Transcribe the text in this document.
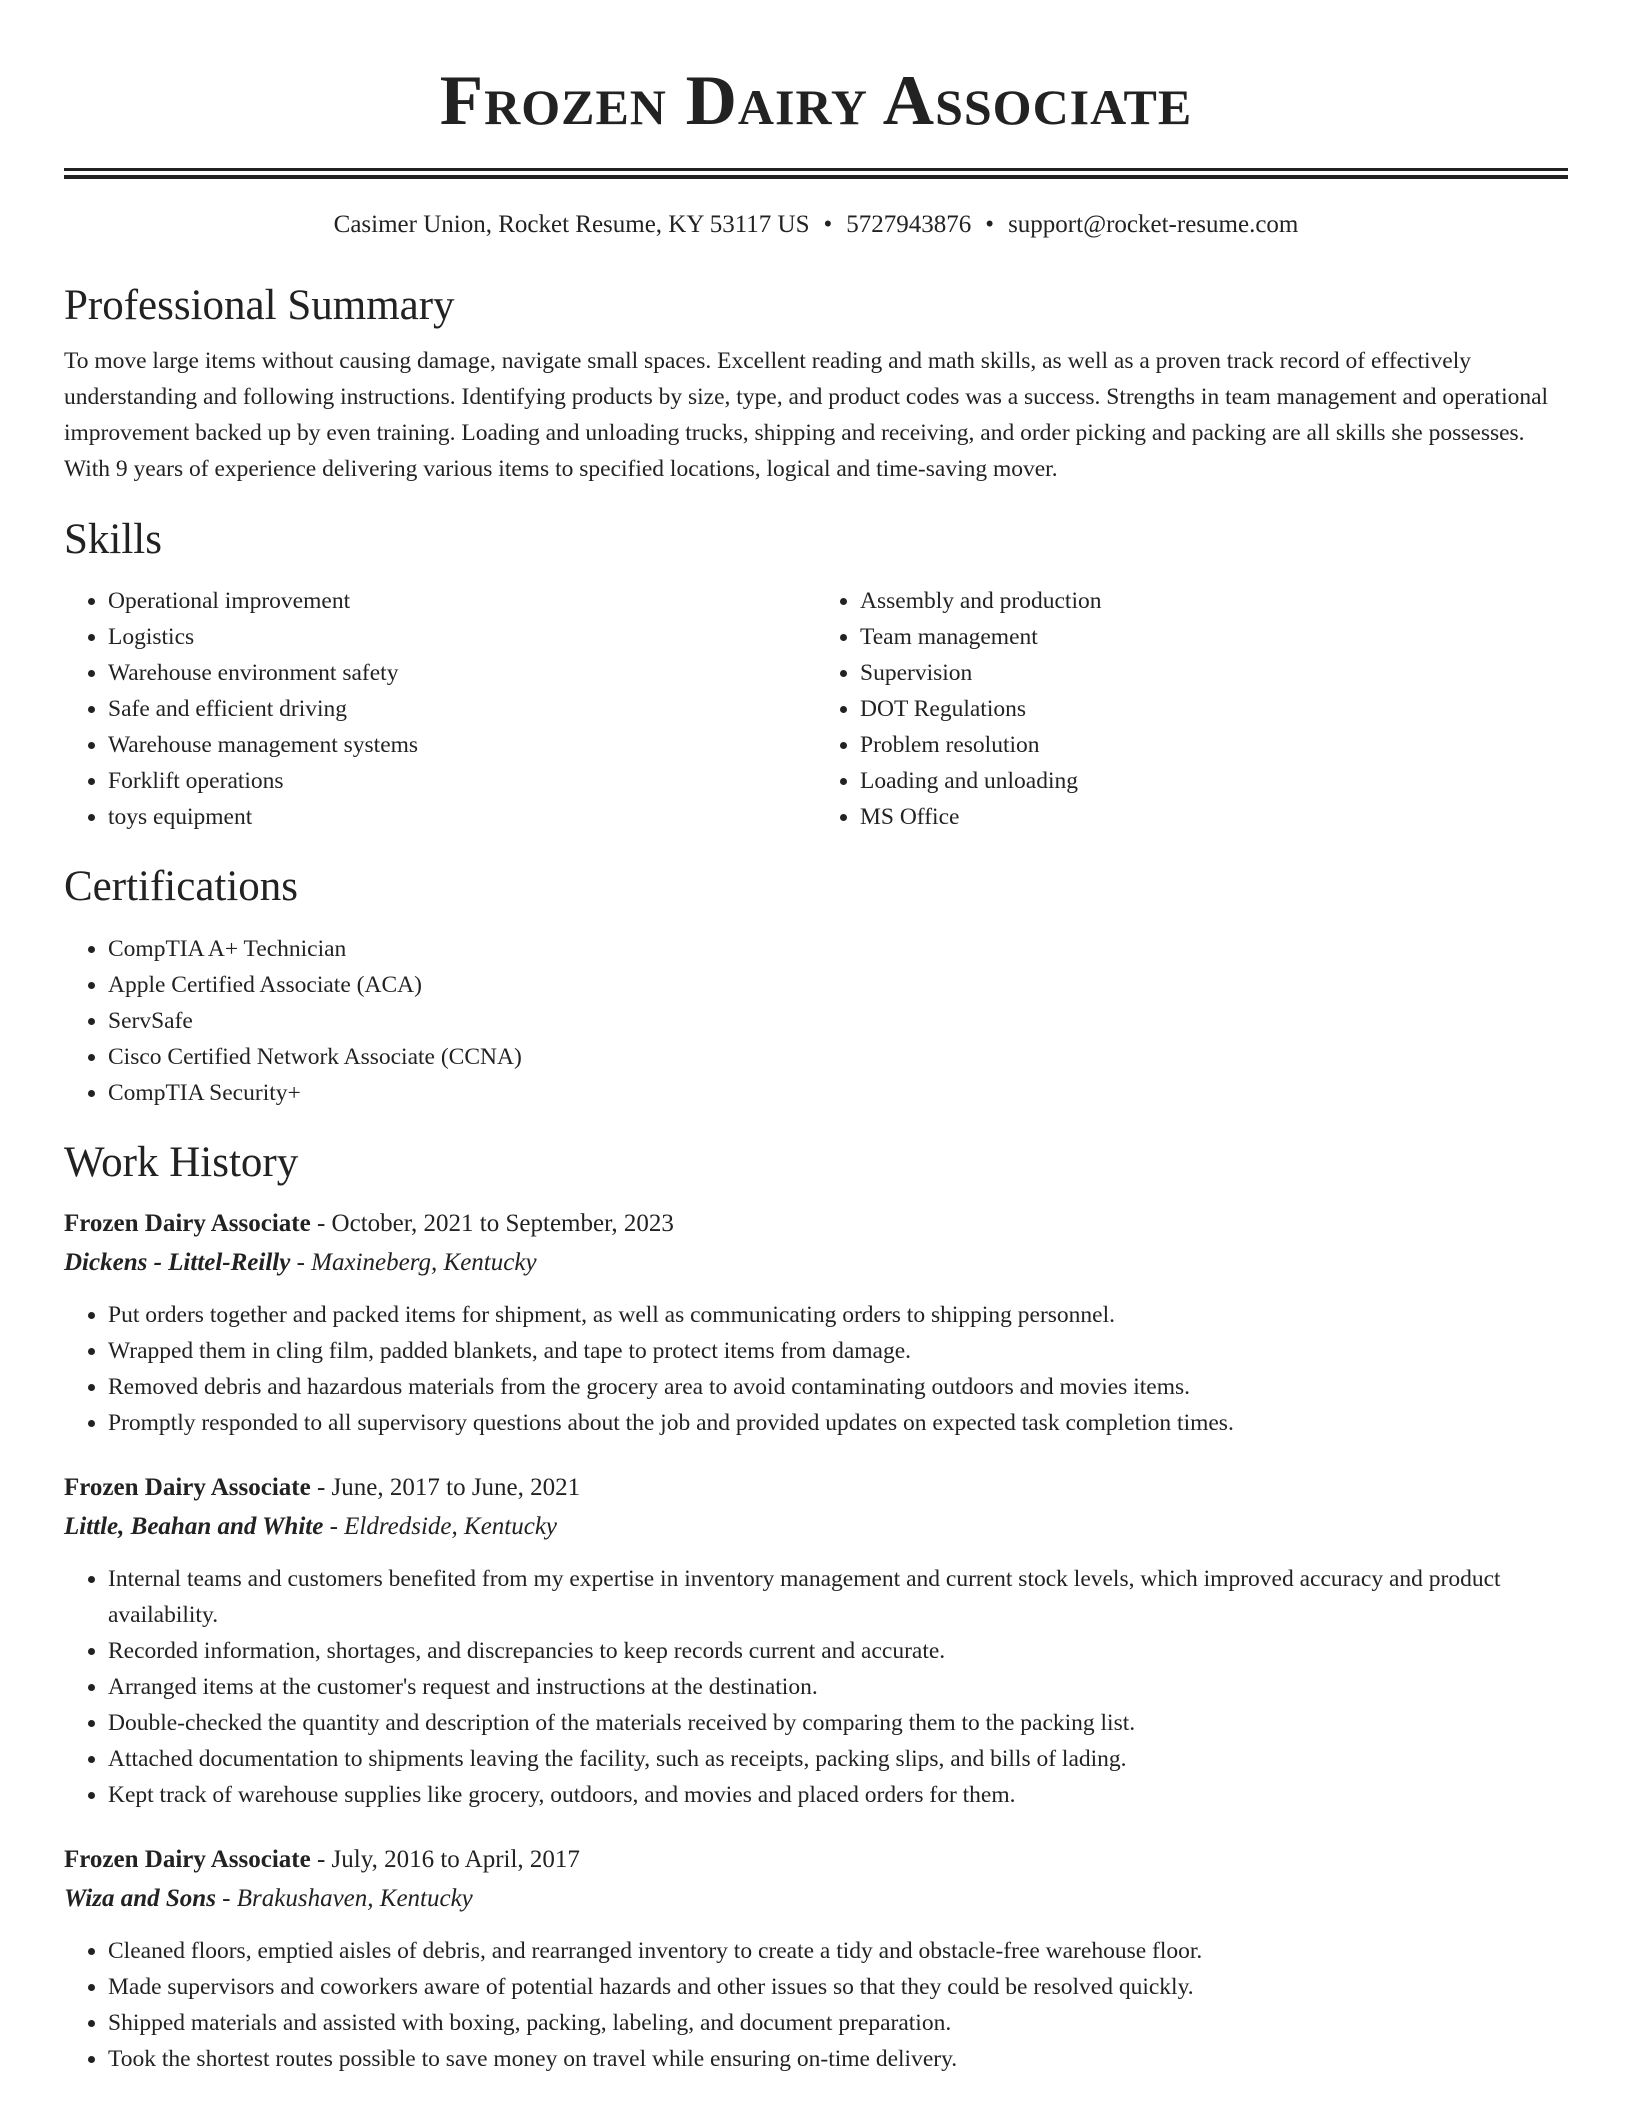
Frozen Dairy Associate
Casimer Union, Rocket Resume, KY 53117 US • 5727943876 • support@rocket-resume.com
Professional Summary

To move large items without causing damage, navigate small spaces. Excellent reading and math skills, as well as a proven track record of effectively understanding and following instructions. Identifying products by size, type, and product codes was a success. Strengths in team management and operational improvement backed up by even training. Loading and unloading trucks, shipping and receiving, and order picking and packing are all skills she possesses. With 9 years of experience delivering various items to specified locations, logical and time-saving mover.

Skills
• Operational improvement
• Logistics
• Warehouse environment safety
• Safe and efficient driving
• Warehouse management systems
• Forklift operations
• toys equipment
• Assembly and production
• Team management
• Supervision
• DOT Regulations
• Problem resolution
• Loading and unloading
• MS Office
Certifications
• CompTIA A+ Technician
• Apple Certified Associate (ACA)
• ServSafe
• Cisco Certified Network Associate (CCNA)
• CompTIA Security+
Work History
Frozen Dairy Associate - October, 2021 to September, 2023
Dickens - Littel-Reilly - Maxineberg, Kentucky
• Put orders together and packed items for shipment, as well as communicating orders to shipping personnel.
• Wrapped them in cling film, padded blankets, and tape to protect items from damage.
• Removed debris and hazardous materials from the grocery area to avoid contaminating outdoors and movies items.
• Promptly responded to all supervisory questions about the job and provided updates on expected task completion times.
Frozen Dairy Associate - June, 2017 to June, 2021
Little, Beahan and White - Eldredside, Kentucky
• Internal teams and customers benefited from my expertise in inventory management and current stock levels, which improved accuracy and product availability.
• Recorded information, shortages, and discrepancies to keep records current and accurate.
• Arranged items at the customer's request and instructions at the destination.
• Double-checked the quantity and description of the materials received by comparing them to the packing list.
• Attached documentation to shipments leaving the facility, such as receipts, packing slips, and bills of lading.
• Kept track of warehouse supplies like grocery, outdoors, and movies and placed orders for them.
Frozen Dairy Associate - July, 2016 to April, 2017
Wiza and Sons - Brakushaven, Kentucky
• Cleaned floors, emptied aisles of debris, and rearranged inventory to create a tidy and obstacle-free warehouse floor.
• Made supervisors and coworkers aware of potential hazards and other issues so that they could be resolved quickly.
• Shipped materials and assisted with boxing, packing, labeling, and document preparation.
• Took the shortest routes possible to save money on travel while ensuring on-time delivery.
